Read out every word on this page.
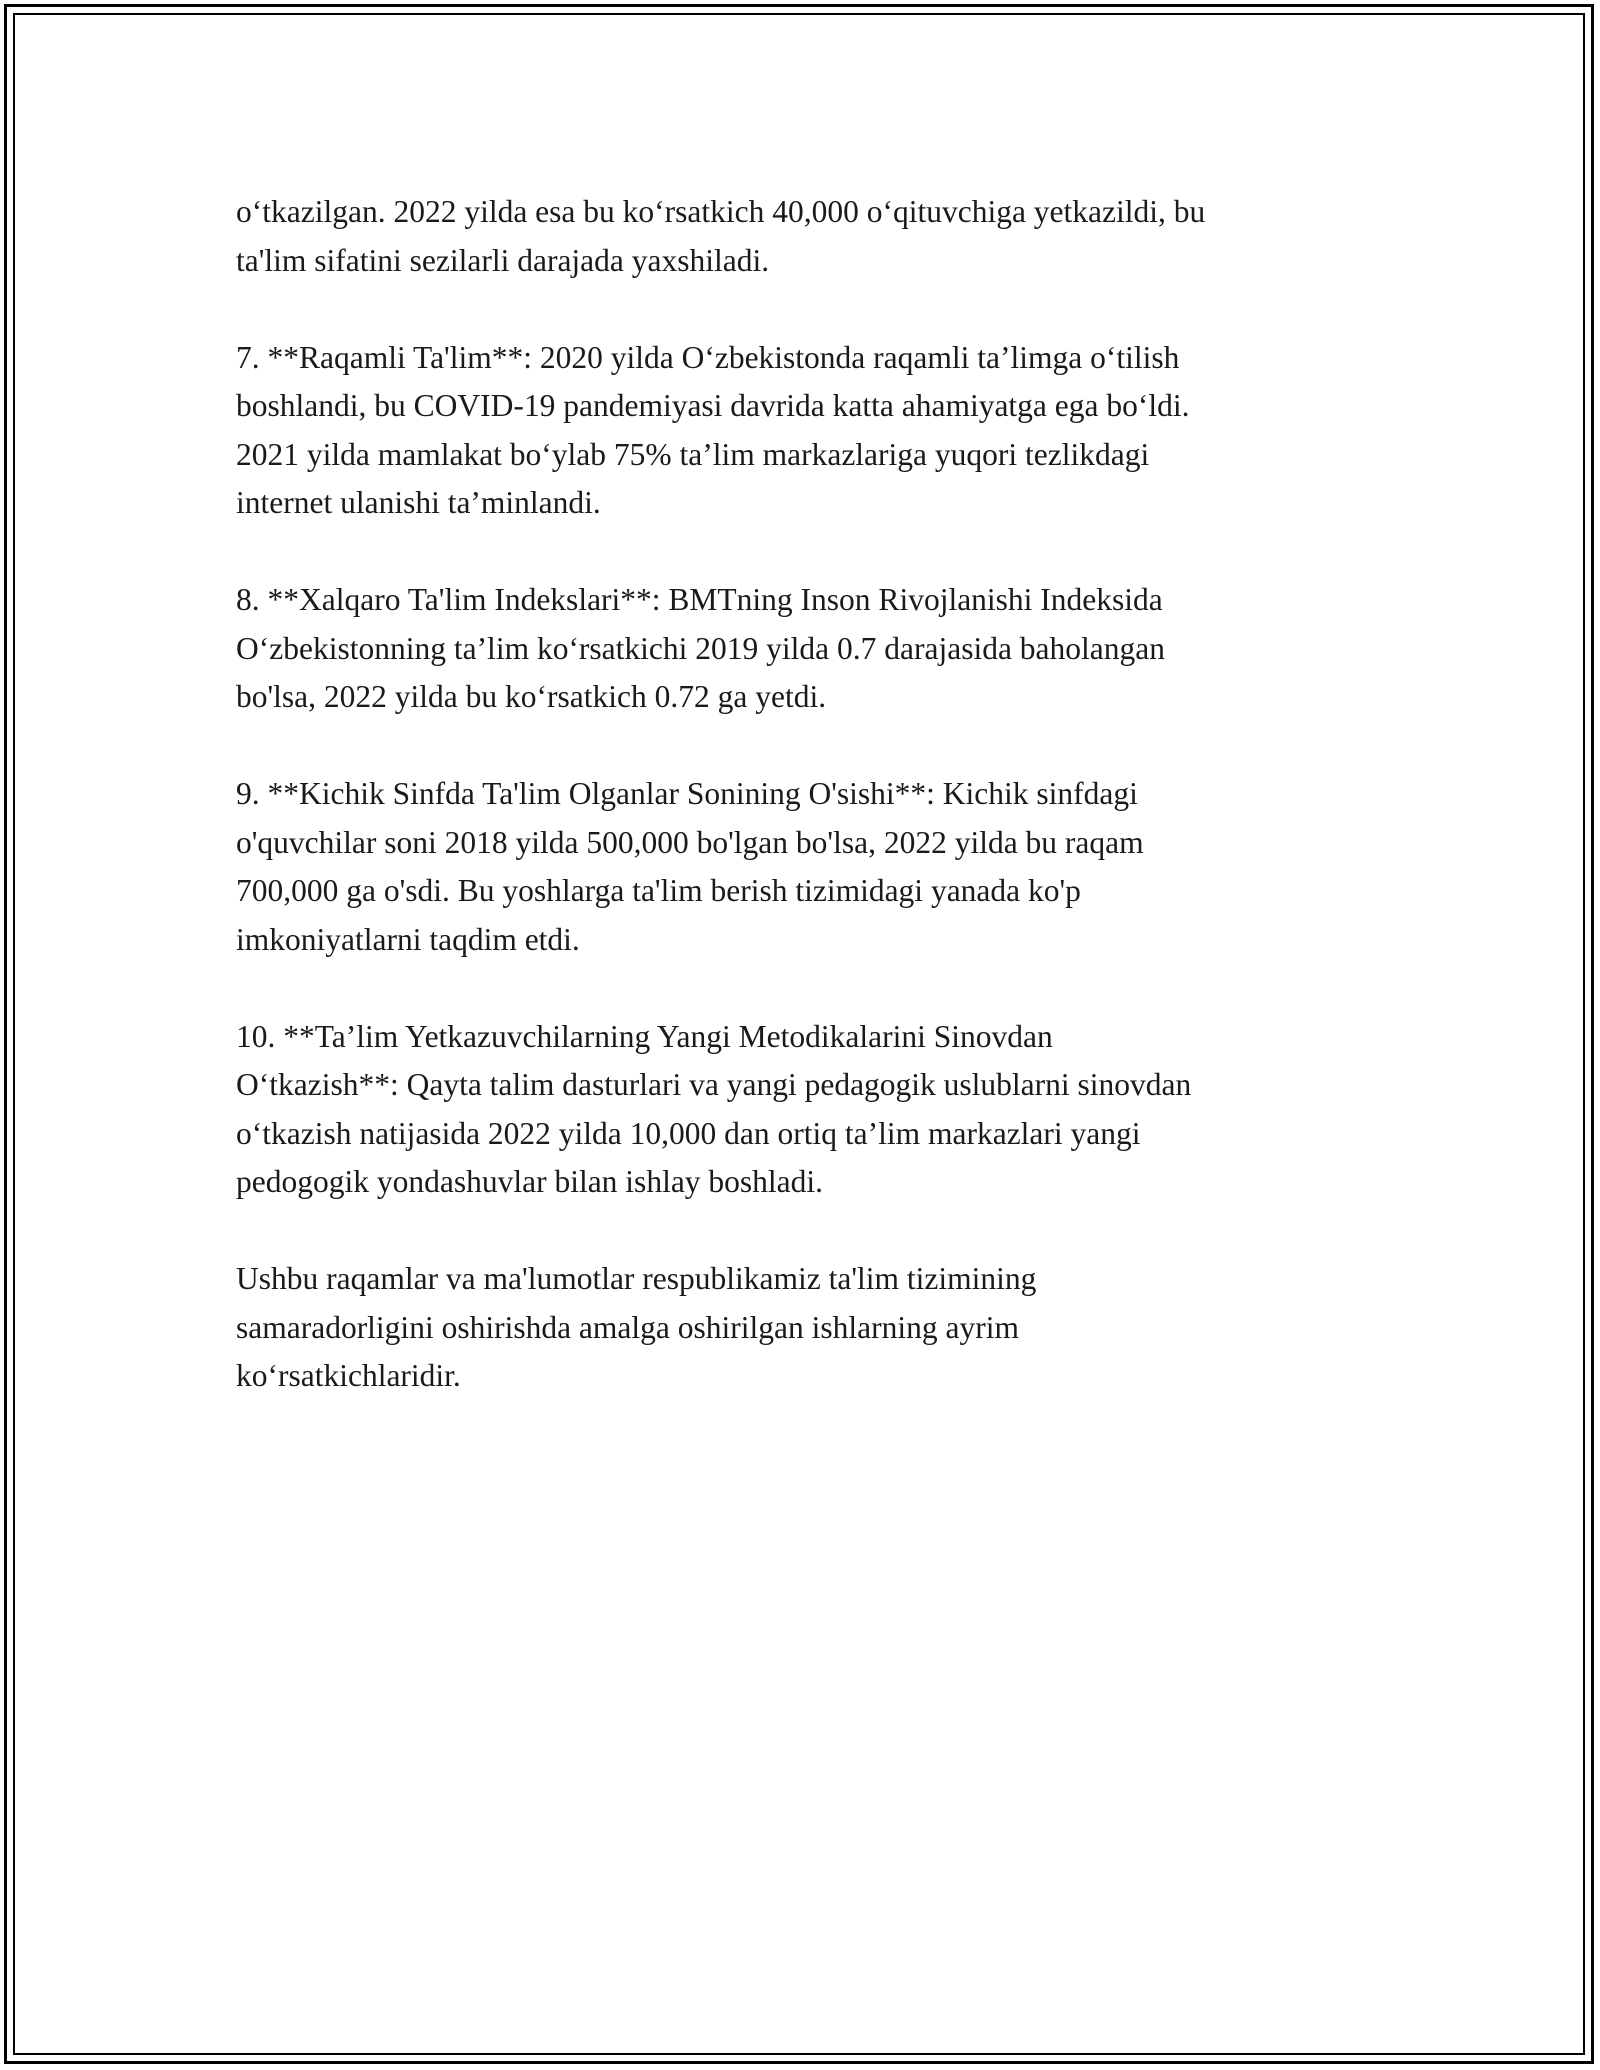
o‘tkazilgan. 2022 yilda esa bu ko‘rsatkich 40,000 o‘qituvchiga yetkazildi, bu
ta'lim sifatini sezilarli darajada yaxshiladi.
7. **Raqamli Ta'lim**: 2020 yilda O‘zbekistonda raqamli ta’limga o‘tilish
boshlandi, bu COVID-19 pandemiyasi davrida katta ahamiyatga ega bo‘ldi.
2021 yilda mamlakat bo‘ylab 75% ta’lim markazlariga yuqori tezlikdagi
internet ulanishi ta’minlandi.
8. **Xalqaro Ta'lim Indekslari**: BMTning Inson Rivojlanishi Indeksida
O‘zbekistonning ta’lim ko‘rsatkichi 2019 yilda 0.7 darajasida baholangan
bo'lsa, 2022 yilda bu ko‘rsatkich 0.72 ga yetdi.
9. **Kichik Sinfda Ta'lim Olganlar Sonining O'sishi**: Kichik sinfdagi
o'quvchilar soni 2018 yilda 500,000 bo'lgan bo'lsa, 2022 yilda bu raqam
700,000 ga o'sdi. Bu yoshlarga ta'lim berish tizimidagi yanada ko'p
imkoniyatlarni taqdim etdi.
10. **Ta’lim Yetkazuvchilarning Yangi Metodikalarini Sinovdan
O‘tkazish**: Qayta talim dasturlari va yangi pedagogik uslublarni sinovdan
o‘tkazish natijasida 2022 yilda 10,000 dan ortiq ta’lim markazlari yangi
pedogogik yondashuvlar bilan ishlay boshladi.
Ushbu raqamlar va ma'lumotlar respublikamiz ta'lim tizimining
samaradorligini oshirishda amalga oshirilgan ishlarning ayrim
ko‘rsatkichlaridir.
